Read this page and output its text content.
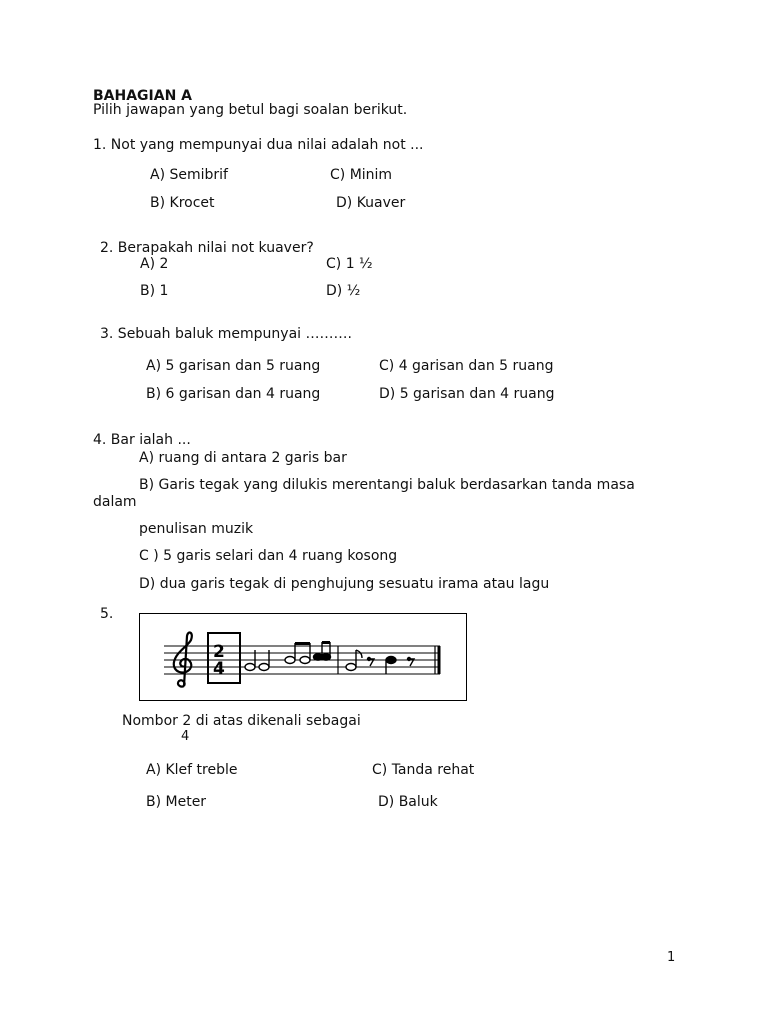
BAHAGIAN A
Pilih jawapan yang betul bagi soalan berikut.
1. Not yang mempunyai dua nilai adalah not ...
A) Semibrif	C) Minim
B) Krocet	D) Kuaver
2. Berapakah nilai not kuaver?
A) 2	C) 1 ½
B) 1	D) ½
3. Sebuah baluk mempunyai ……….
A) 5 garisan dan 5 ruang	C) 4 garisan dan 5 ruang
B) 6 garisan dan 4 ruang	D) 5 garisan dan 4 ruang
4. Bar ialah ...
A) ruang di antara 2 garis bar
B) Garis tegak yang dilukis merentangi baluk berdasarkan tanda masa
dalam
penulisan muzik
C ) 5 garis selari dan 4 ruang kosong
D) dua garis tegak di penghujung sesuatu irama atau lagu
5.
2
4
Nombor 2 di atas dikenali sebagai
4
A) Klef treble	C) Tanda rehat
B) Meter	D) Baluk
1
